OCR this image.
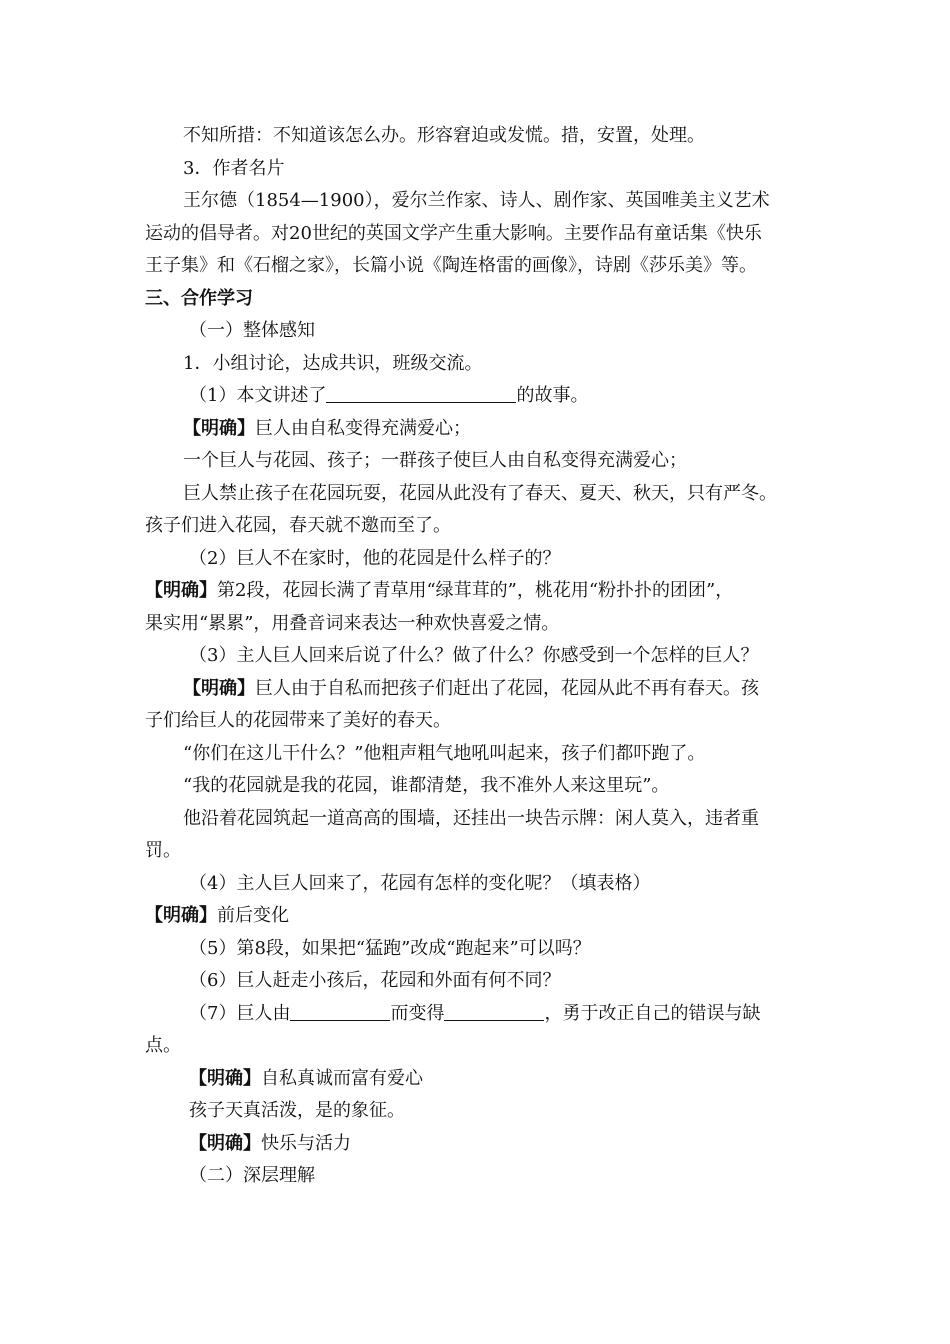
不知所措：不知道该怎么办。形容窘迫或发慌。措，安置，处理。
3．作者名片
王尔德（1854—1900），爱尔兰作家、诗人、剧作家、英国唯美主义艺术
运动的倡导者。对20世纪的英国文学产生重大影响。主要作品有童话集《快乐
王子集》和《石榴之家》，长篇小说《陶连格雷的画像》，诗剧《莎乐美》等。
三、合作学习
（一）整体感知
1．小组讨论，达成共识，班级交流。
（1）本文讲述了	的故事。
【明确】巨人由自私变得充满爱心；
一个巨人与花园、孩子；一群孩子使巨人由自私变得充满爱心；
巨人禁止孩子在花园玩耍，花园从此没有了春天、夏天、秋天，只有严冬。
孩子们进入花园，春天就不邀而至了。
（2）巨人不在家时，他的花园是什么样子的？
【明确】第2段，花园长满了青草用“绿茸茸的”，桃花用“粉扑扑的团团”，
果实用“累累”，用叠音词来表达一种欢快喜爱之情。
（3）主人巨人回来后说了什么？做了什么？你感受到一个怎样的巨人？
【明确】巨人由于自私而把孩子们赶出了花园，花园从此不再有春天。孩
子们给巨人的花园带来了美好的春天。
“你们在这儿干什么？”他粗声粗气地吼叫起来，孩子们都吓跑了。
“我的花园就是我的花园，谁都清楚，我不准外人来这里玩”。
他沿着花园筑起一道高高的围墙，还挂出一块告示牌：闲人莫入，违者重
罚。
（4）主人巨人回来了，花园有怎样的变化呢？（填表格）
【明确】前后变化
（5）第8段，如果把“猛跑”改成“跑起来”可以吗？
（6）巨人赶走小孩后，花园和外面有何不同？
（7）巨人由	而变得	，勇于改正自己的错误与缺
点。
【明确】自私真诚而富有爱心
孩子天真活泼，是的象征。
【明确】快乐与活力
（二）深层理解
